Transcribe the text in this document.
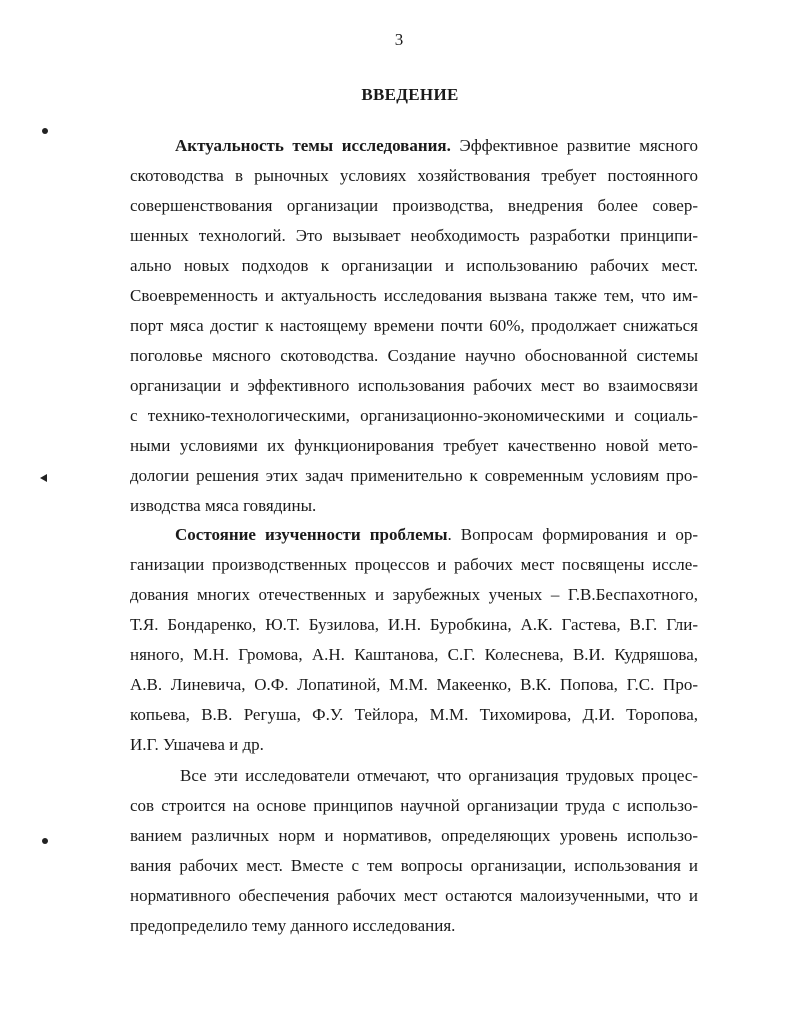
3
ВВЕДЕНИЕ
Актуальность темы исследования. Эффективное развитие мясного
скотоводства в рыночных условиях хозяйствования требует постоянного
совершенствования организации производства, внедрения более совер-
шенных технологий. Это вызывает необходимость разработки принципи-
ально новых подходов к организации и использованию рабочих мест.
Своевременность и актуальность исследования вызвана также тем, что им-
порт мяса достиг к настоящему времени почти 60%, продолжает снижаться
поголовье мясного скотоводства. Создание научно обоснованной системы
организации и эффективного использования рабочих мест во взаимосвязи
с технико-технологическими, организационно-экономическими и социаль-
ными условиями их функционирования требует качественно новой мето-
дологии решения этих задач применительно к современным условиям про-
изводства мяса говядины.
Состояние изученности проблемы. Вопросам формирования и ор-
ганизации производственных процессов и рабочих мест посвящены иссле-
дования многих отечественных и зарубежных ученых – Г.В.Беспахотного,
Т.Я. Бондаренко, Ю.Т. Бузилова, И.Н. Буробкина, А.К. Гастева, В.Г. Гли-
няного, М.Н. Громова, А.Н. Каштанова, С.Г. Колеснева, В.И. Кудряшова,
А.В. Линевича, О.Ф. Лопатиной, М.М. Макеенко, В.К. Попова, Г.С. Про-
копьева, В.В. Регуша, Ф.У. Тейлора, М.М. Тихомирова, Д.И. Торопова,
И.Г. Ушачева и др.
Все эти исследователи отмечают, что организация трудовых процес-
сов строится на основе принципов научной организации труда с использо-
ванием различных норм и нормативов, определяющих уровень использо-
вания рабочих мест. Вместе с тем вопросы организации, использования и
нормативного обеспечения рабочих мест остаются малоизученными, что и
предопределило тему данного исследования.
